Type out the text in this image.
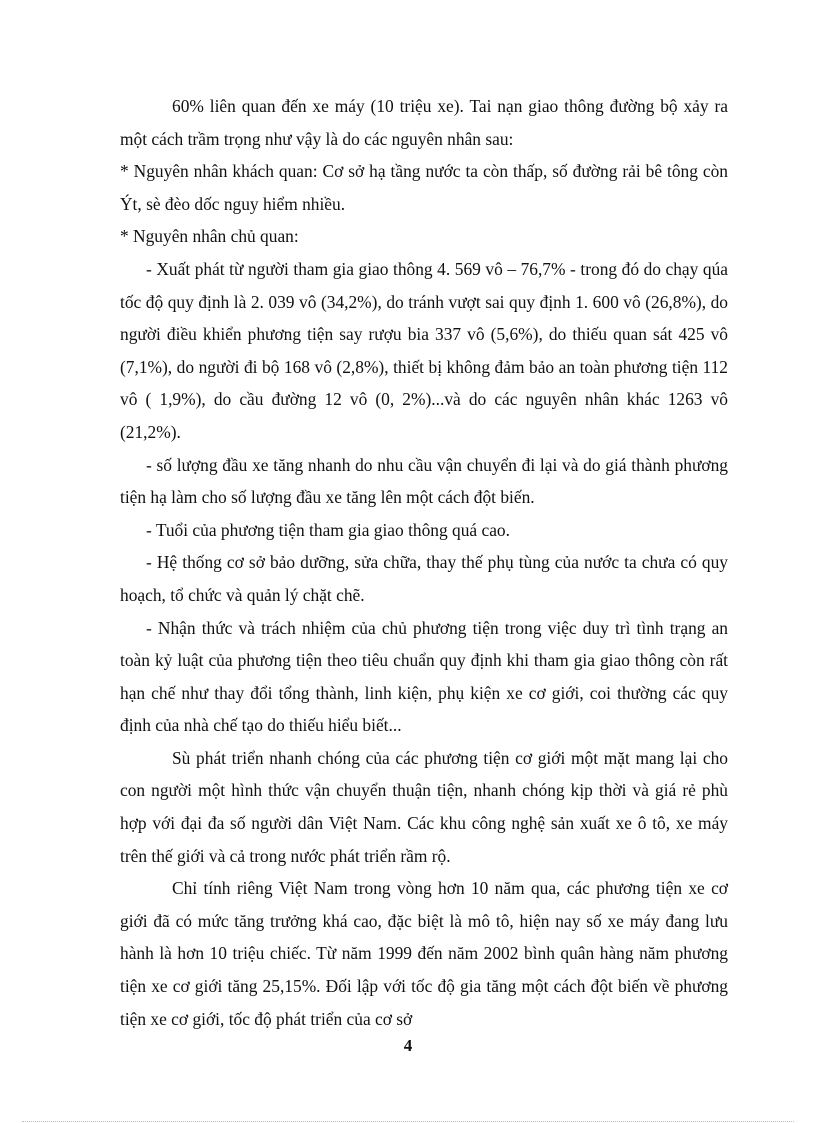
60% liên quan đến xe máy (10 triệu xe). Tai nạn giao thông đường bộ xảy ra một cách trầm trọng như vậy là do các nguyên nhân sau:

* Nguyên nhân khách quan: Cơ sở hạ tầng nước ta còn thấp, số đường rải bê tông còn Ýt, sè đèo dốc nguy hiểm nhiều.

* Nguyên nhân chủ quan:

- Xuất phát từ người tham gia giao thông 4. 569 vô – 76,7% - trong đó do chạy qúa tốc độ quy định là 2. 039 vô (34,2%), do tránh vượt sai quy định 1. 600 vô (26,8%), do người điều khiển phương tiện say rượu bia 337 vô (5,6%), do thiếu quan sát 425 vô (7,1%), do người đi bộ 168 vô (2,8%), thiết bị không đảm bảo an toàn phương tiện 112 vô ( 1,9%), do cầu đường 12 vô (0, 2%)...và do các nguyên nhân khác 1263 vô (21,2%).

- số lượng đầu xe tăng nhanh do nhu cầu vận chuyển đi lại và do giá thành phương tiện hạ làm cho số lượng đầu xe tăng lên một cách đột biến.

- Tuổi của phương tiện tham gia giao thông quá cao.

- Hệ thống cơ sở bảo dưỡng, sửa chữa, thay thế phụ tùng của nước ta chưa có quy hoạch, tổ chức và quản lý chặt chẽ.

- Nhận thức và trách nhiệm của chủ phương tiện trong việc duy trì tình trạng an toàn kỷ luật của phương tiện theo tiêu chuẩn quy định khi tham gia giao thông còn rất hạn chế như thay đổi tổng thành, linh kiện, phụ kiện xe cơ giới, coi thường các quy định của nhà chế tạo do thiếu hiểu biết...

Sù phát triển nhanh chóng của các phương tiện cơ giới một mặt mang lại cho con người một hình thức vận chuyển thuận tiện, nhanh chóng kịp thời và giá rẻ phù hợp với đại đa số người dân Việt Nam. Các khu công nghệ sản xuất xe ô tô, xe máy trên thế giới và cả trong nước phát triển rầm rộ.

Chỉ tính riêng Việt Nam trong vòng hơn 10 năm qua, các phương tiện xe cơ giới đã có mức tăng trưởng khá cao, đặc biệt là mô tô, hiện nay số xe máy đang lưu hành là hơn 10 triệu chiếc. Từ năm 1999 đến năm 2002 bình quân hàng năm phương tiện xe cơ giới tăng 25,15%. Đối lập với tốc độ gia tăng một cách đột biến về phương tiện xe cơ giới, tốc độ phát triển của cơ sở

4
